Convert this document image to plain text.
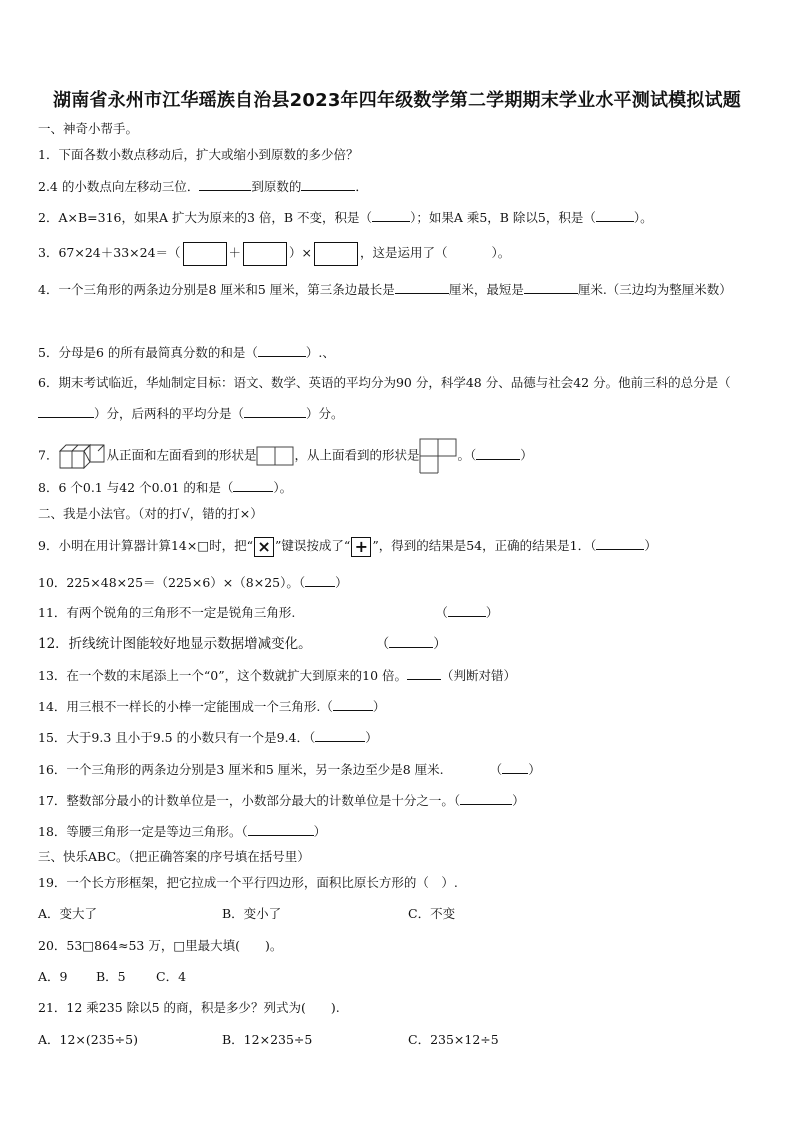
湖南省永州市江华瑶族自治县2023年四年级数学第二学期期末学业水平测试模拟试题
一、神奇小帮手。
1．下面各数小数点移动后，扩大或缩小到原数的多少倍？
2.4 的小数点向左移动三位．	到原数的	．
2．A×B=316，如果A 扩大为原来的3 倍，B 不变，积是（	）；如果A 乘5，B 除以5，积是（	）。
3．67×24＋33×24＝（	＋	）×	，这是运用了（	）。
4．一个三角形的两条边分别是8 厘米和5 厘米，第三条边最长是	厘米，最短是	厘米.（三边均为整厘米数）
5．分母是6 的所有最简真分数的和是（	）.、
6．期末考试临近，华灿制定目标：语文、数学、英语的平均分为90 分，科学48 分、品德与社会42 分。他前三科的总分是（）分，后两科的平均分是（	）分。
7．	从正面和左面看到的形状是	，从上面看到的形状是	。（	）
8．6 个0.1 与42 个0.01 的和是（	）。
二、我是小法官。（对的打√，错的打×）
9．小明在用计算器计算14×□时，把“ × ”键误按成了“ + ”，得到的结果是54，正确的结果是1．（	）
10．225×48×25＝（225×6）×（8×25）。（ ）
11．有两个锐角的三角形不一定是锐角三角形.	（	）
12．折线统计图能较好地显示数据增减变化。	（	）
13．在一个数的末尾添上一个“0”，这个数就扩大到原来的10 倍。	（判断对错）
14．用三根不一样长的小棒一定能围成一个三角形.（	）
15．大于9.3 且小于9.5 的小数只有一个是9.4．（	）
16．一个三角形的两条边分别是3 厘米和5 厘米，另一条边至少是8 厘米.	（ ）
17．整数部分最小的计数单位是一，小数部分最大的计数单位是十分之一。（	）
18．等腰三角形一定是等边三角形。（	）
三、快乐ABC。（把正确答案的序号填在括号里）
19．一个长方形框架，把它拉成一个平行四边形，面积比原长方形的（　）.
A．变大了	B．变小了	C．不变
20．53□864≈53 万，□里最大填(　　)。
A．9 B．5 C．4
21．12 乘235 除以5 的商，积是多少？列式为(　　).
A．12×(235÷5)	B．12×235÷5	C．235×12÷5
